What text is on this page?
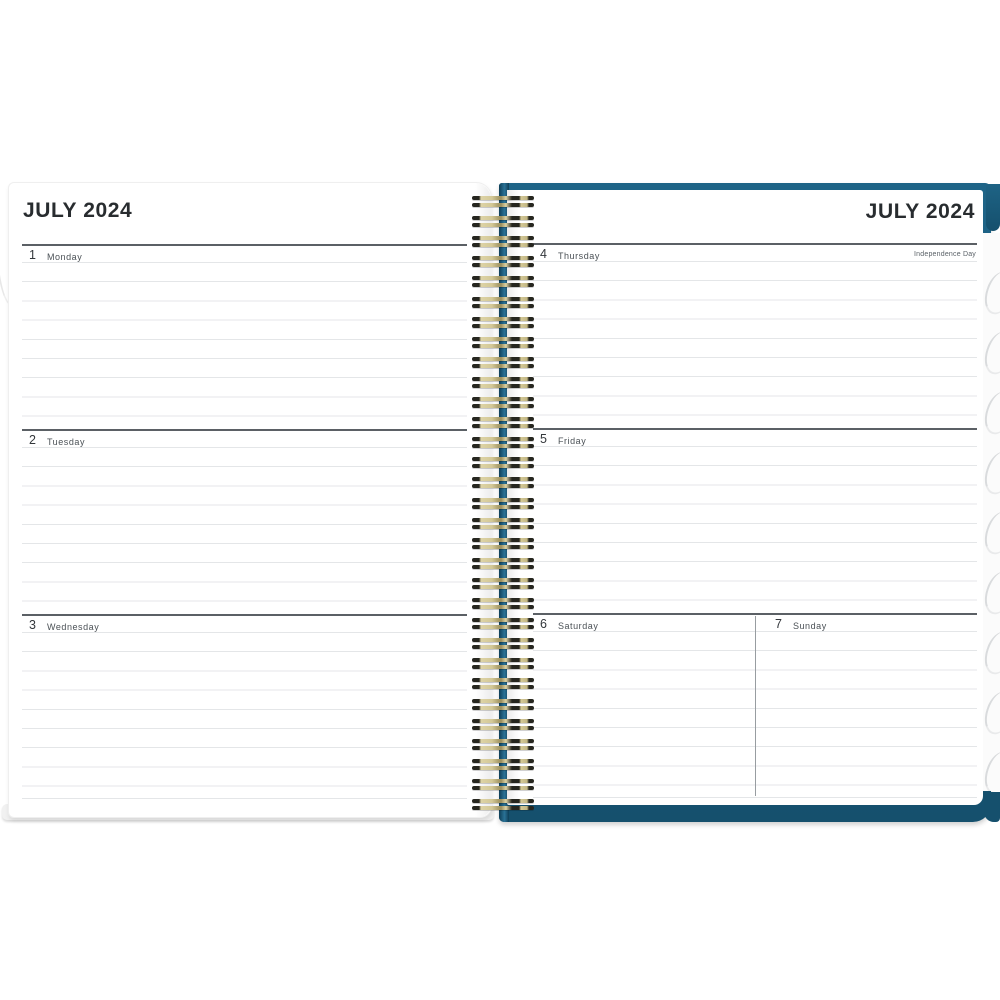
JULY 2024
1 Monday
2 Tuesday
3 Wednesday
JULY 2024
4 Thursday	Independence Day
5 Friday
6 Saturday	7 Sunday
